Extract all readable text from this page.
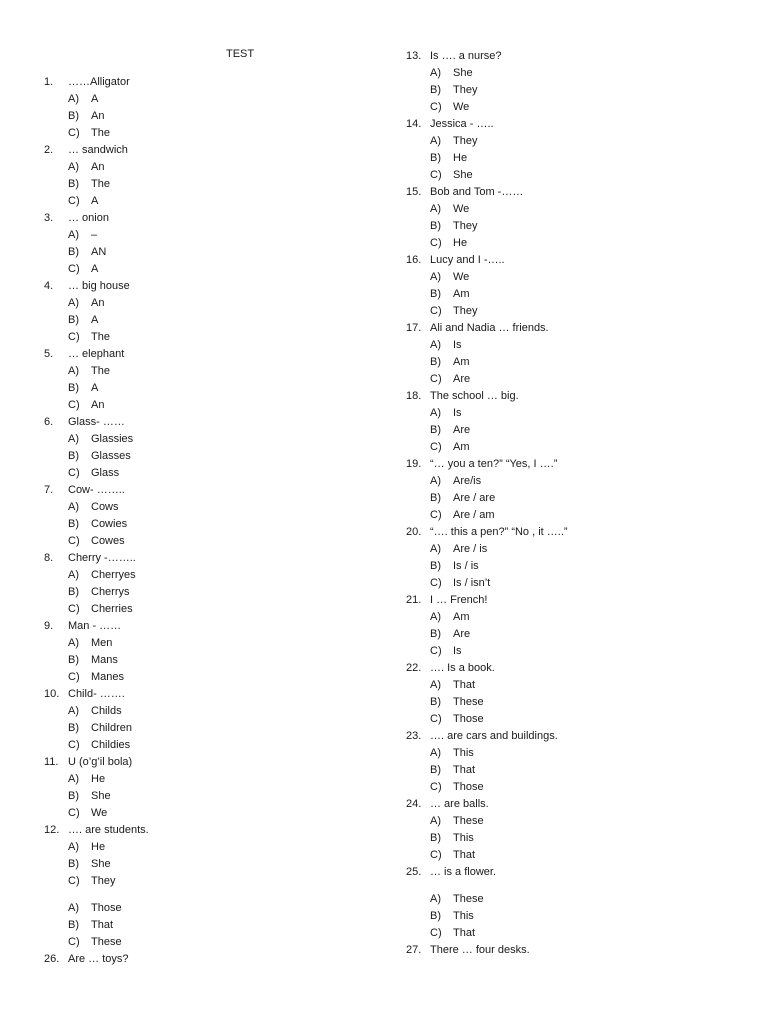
TEST
1. ……Alligator
A) A
B) An
C) The
2. … sandwich
A) An
B) The
C) A
3. … onion
A) –
B) AN
C) A
4. … big house
A) An
B) A
C) The
5. … elephant
A) The
B) A
C) An
6. Glass- ……
A) Glassies
B) Glasses
C) Glass
7. Cow- ……..
A) Cows
B) Cowies
C) Cowes
8. Cherry -……..
A) Cherryes
B) Cherrys
C) Cherries
9. Man - ……
A) Men
B) Mans
C) Manes
10. Child- …….
A) Childs
B) Children
C) Childies
11. U (o’g’il bola)
A) He
B) She
C) We
12. …. are students.
A) He
B) She
C) They
A) Those
B) That
C) These
26. Are … toys?
13. Is …. a nurse?
A) She
B) They
C) We
14. Jessica - …..
A) They
B) He
C) She
15. Bob and Tom -……
A) We
B) They
C) He
16. Lucy and I -…..
A) We
B) Am
C) They
17. Ali and Nadia … friends.
A) Is
B) Am
C) Are
18. The school … big.
A) Is
B) Are
C) Am
19. “… you a ten?” “Yes, I ….”
A) Are/is
B) Are / are
C) Are / am
20. “…. this a pen?” “No , it …..”
A) Are / is
B) Is / is
C) Is / isn’t
21. I … French!
A) Am
B) Are
C) Is
22. …. Is a book.
A) That
B) These
C) Those
23. …. are cars and buildings.
A) This
B) That
C) Those
24. … are balls.
A) These
B) This
C) That
25. … is a flower.
A) These
B) This
C) That
27. There … four desks.
